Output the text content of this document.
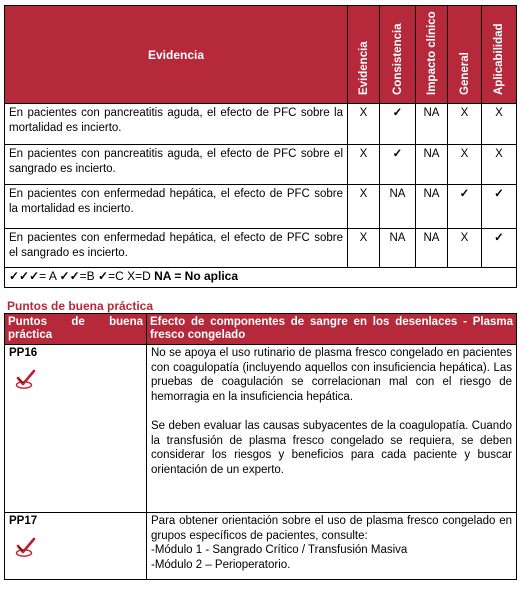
Evidencia	Evidencia	Consistencia	Impacto clínico	General	Aplicabilidad

En pacientes con pancreatitis aguda, el efecto de PFC sobre la mortalidad es incierto.	X	✓	NA	X	X
En pacientes con pancreatitis aguda, el efecto de PFC sobre el sangrado es incierto.	X	✓	NA	X	X
En pacientes con enfermedad hepática, el efecto de PFC sobre la mortalidad es incierto.	X	NA	NA	✓	✓
En pacientes con enfermedad hepática, el efecto de PFC sobre el sangrado es incierto.	X	NA	NA	X	✓
✓✓✓= A ✓✓=B ✓=C X=D NA = No aplica					
Puntos de buena práctica
Puntos de buena práctica	Efecto de componentes de sangre en los desenlaces - Plasma fresco congelado
PP16	No se apoya el uso rutinario de plasma fresco congelado en pacientes con coagulopatía (incluyendo aquellos con insuficiencia hepática). Las pruebas de coagulación se correlacionan mal con el riesgo de hemorragia en la insuficiencia hepática.

Se deben evaluar las causas subyacentes de la coagulopatía. Cuando la transfusión de plasma fresco congelado se requiera, se deben considerar los riesgos y beneficios para cada paciente y buscar orientación de un experto.

PP17	Para obtener orientación sobre el uso de plasma fresco congelado en grupos específicos de pacientes, consulte:

-Módulo 1 - Sangrado Crítico / Transfusión Masiva

-Módulo 2 – Perioperatorio.
